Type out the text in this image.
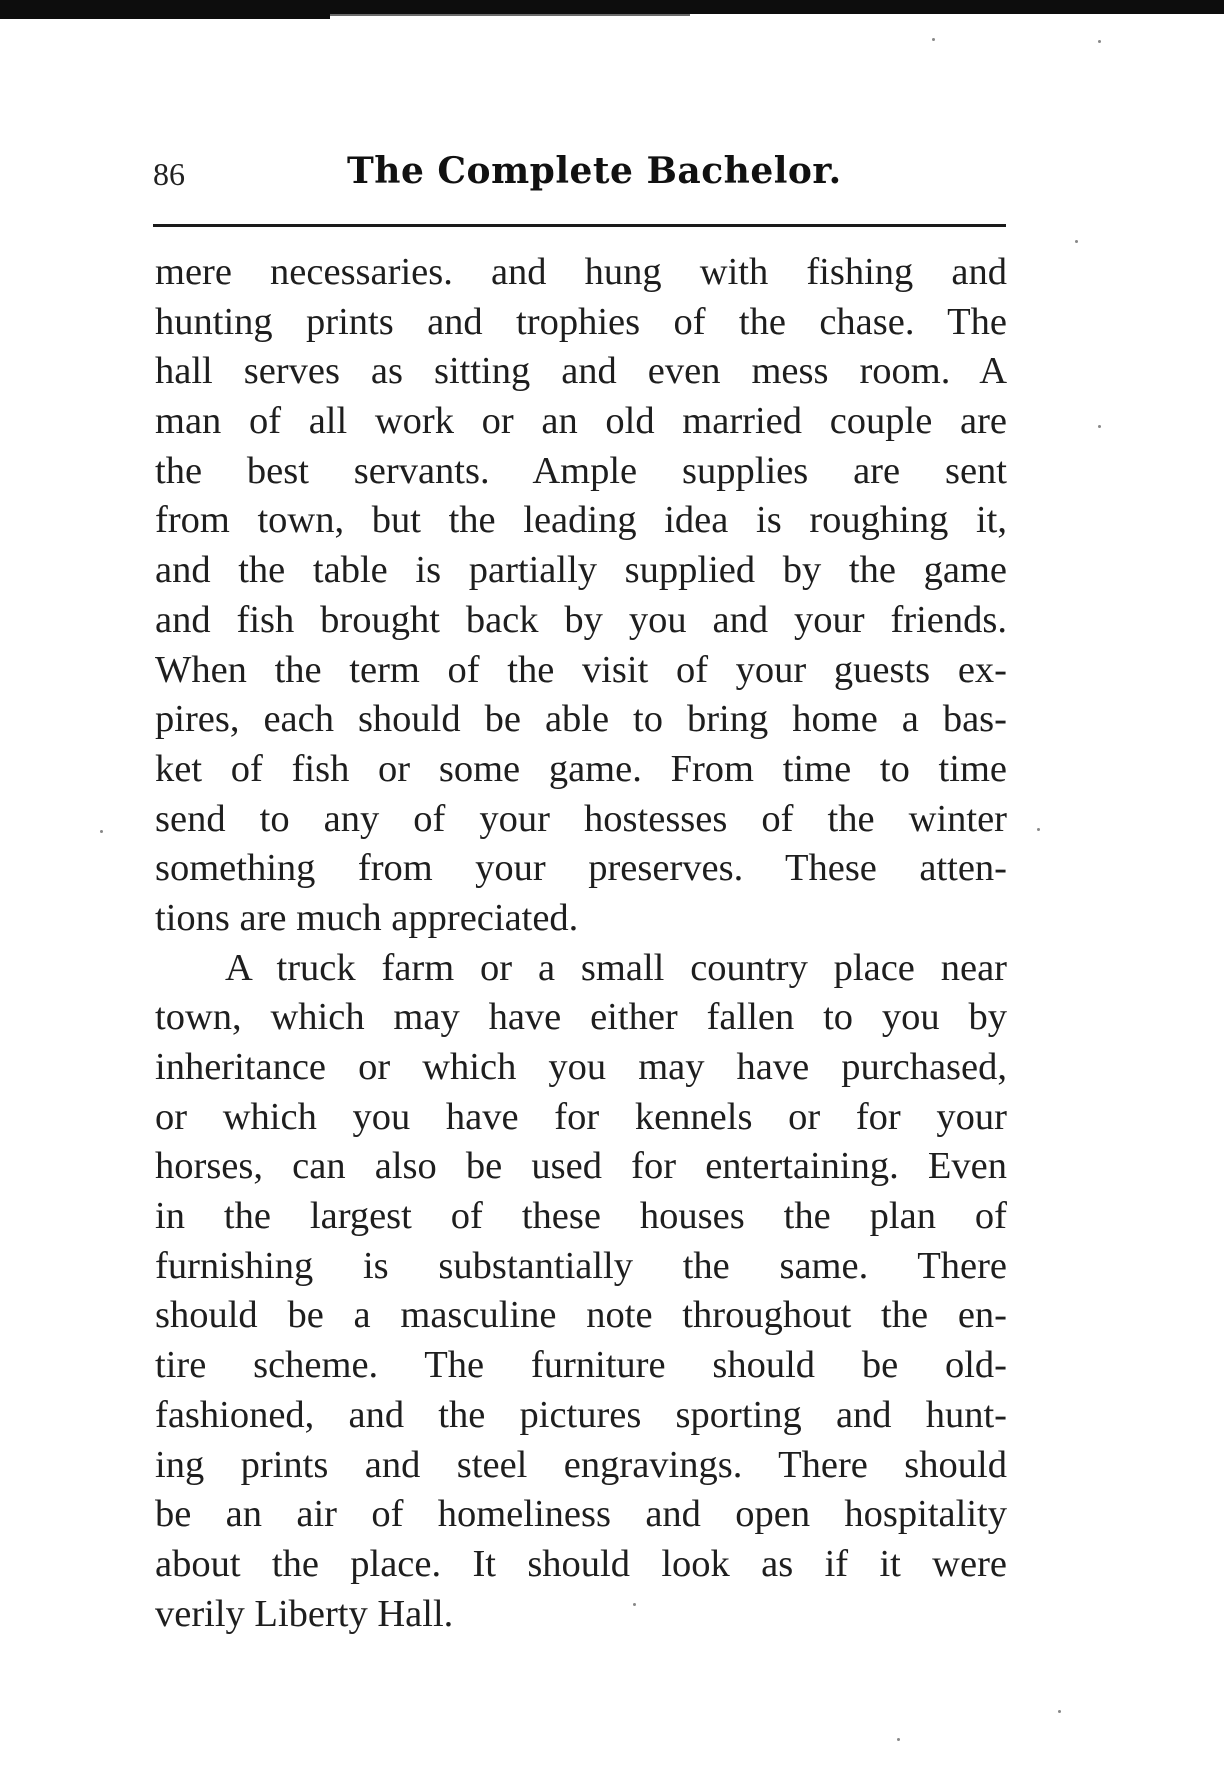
86	The Complete Bachelor.
mere necessaries. and hung with fishing and
hunting prints and trophies of the chase. The
hall serves as sitting and even mess room. A
man of all work or an old married couple are
the best servants. Ample supplies are sent
from town, but the leading idea is roughing it,
and the table is partially supplied by the game
and fish brought back by you and your friends.
When the term of the visit of your guests ex-
pires, each should be able to bring home a bas-
ket of fish or some game. From time to time
send to any of your hostesses of the winter
something from your preserves. These atten-
tions are much appreciated.
A truck farm or a small country place near
town, which may have either fallen to you by
inheritance or which you may have purchased,
or which you have for kennels or for your
horses, can also be used for entertaining. Even
in the largest of these houses the plan of
furnishing is substantially the same. There
should be a masculine note throughout the en-
tire scheme. The furniture should be old-
fashioned, and the pictures sporting and hunt-
ing prints and steel engravings. There should
be an air of homeliness and open hospitality
about the place. It should look as if it were
verily Liberty Hall.
